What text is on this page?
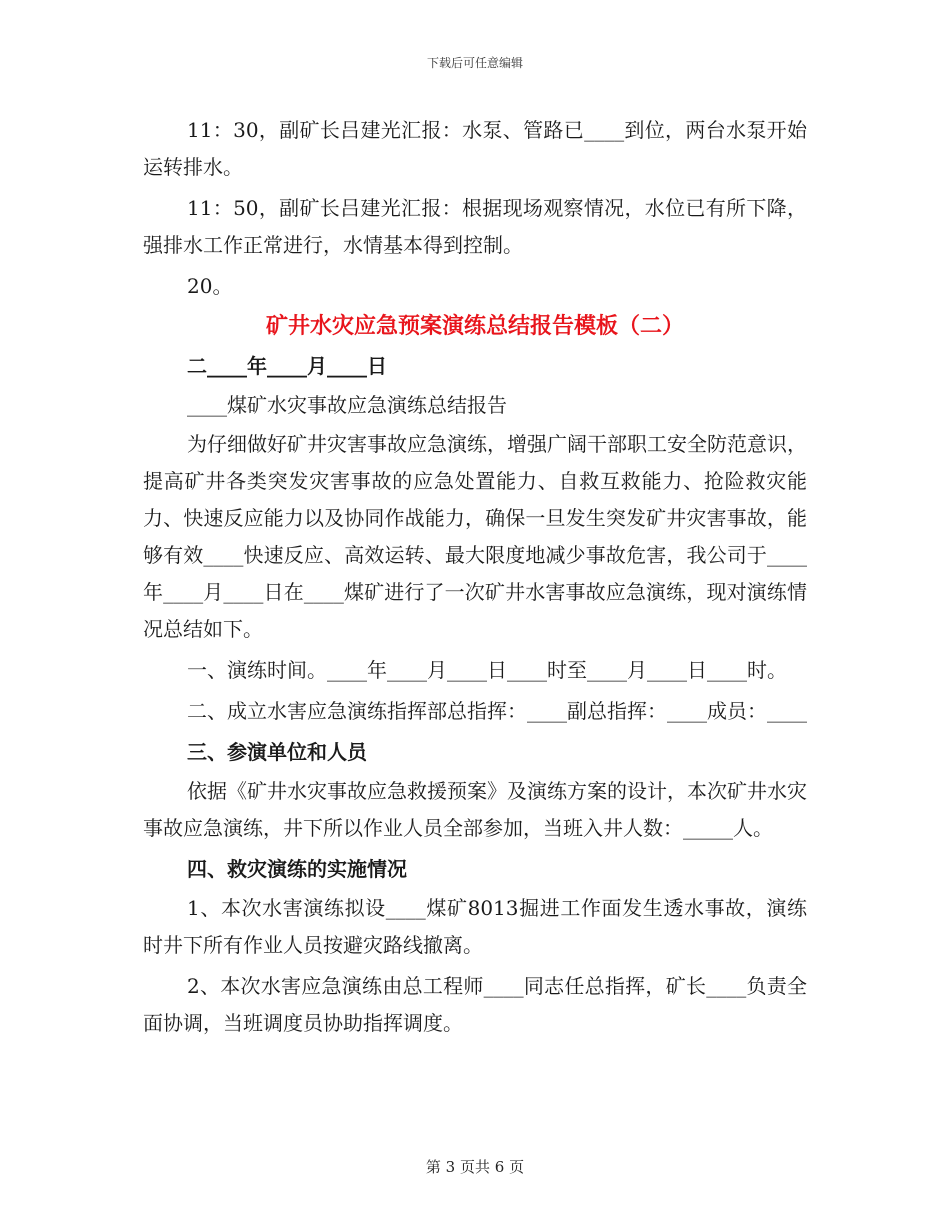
下载后可任意编辑

11：30，副矿长吕建光汇报：水泵、管路已____到位，两台水泵开始运转排水。

11：50，副矿长吕建光汇报：根据现场观察情况，水位已有所下降，强排水工作正常进行，水情基本得到控制。

20。

矿井水灾应急预案演练总结报告模板（二）

二____年____月____日

____煤矿水灾事故应急演练总结报告

为仔细做好矿井灾害事故应急演练，增强广阔干部职工安全防范意识，提高矿井各类突发灾害事故的应急处置能力、自救互救能力、抢险救灾能力、快速反应能力以及协同作战能力，确保一旦发生突发矿井灾害事故，能够有效____快速反应、高效运转、最大限度地减少事故危害，我公司于____年____月____日在____煤矿进行了一次矿井水害事故应急演练，现对演练情况总结如下。

一、演练时间。____年____月____日____时至____月____日____时。

二、成立水害应急演练指挥部总指挥：____副总指挥：____成员：____

三、参演单位和人员

依据《矿井水灾事故应急救援预案》及演练方案的设计，本次矿井水灾事故应急演练，井下所以作业人员全部参加，当班入井人数：_____人。

四、救灾演练的实施情况

1、本次水害演练拟设____煤矿8013掘进工作面发生透水事故，演练时井下所有作业人员按避灾路线撤离。

2、本次水害应急演练由总工程师____同志任总指挥，矿长____负责全面协调，当班调度员协助指挥调度。

第 3 页共 6 页
